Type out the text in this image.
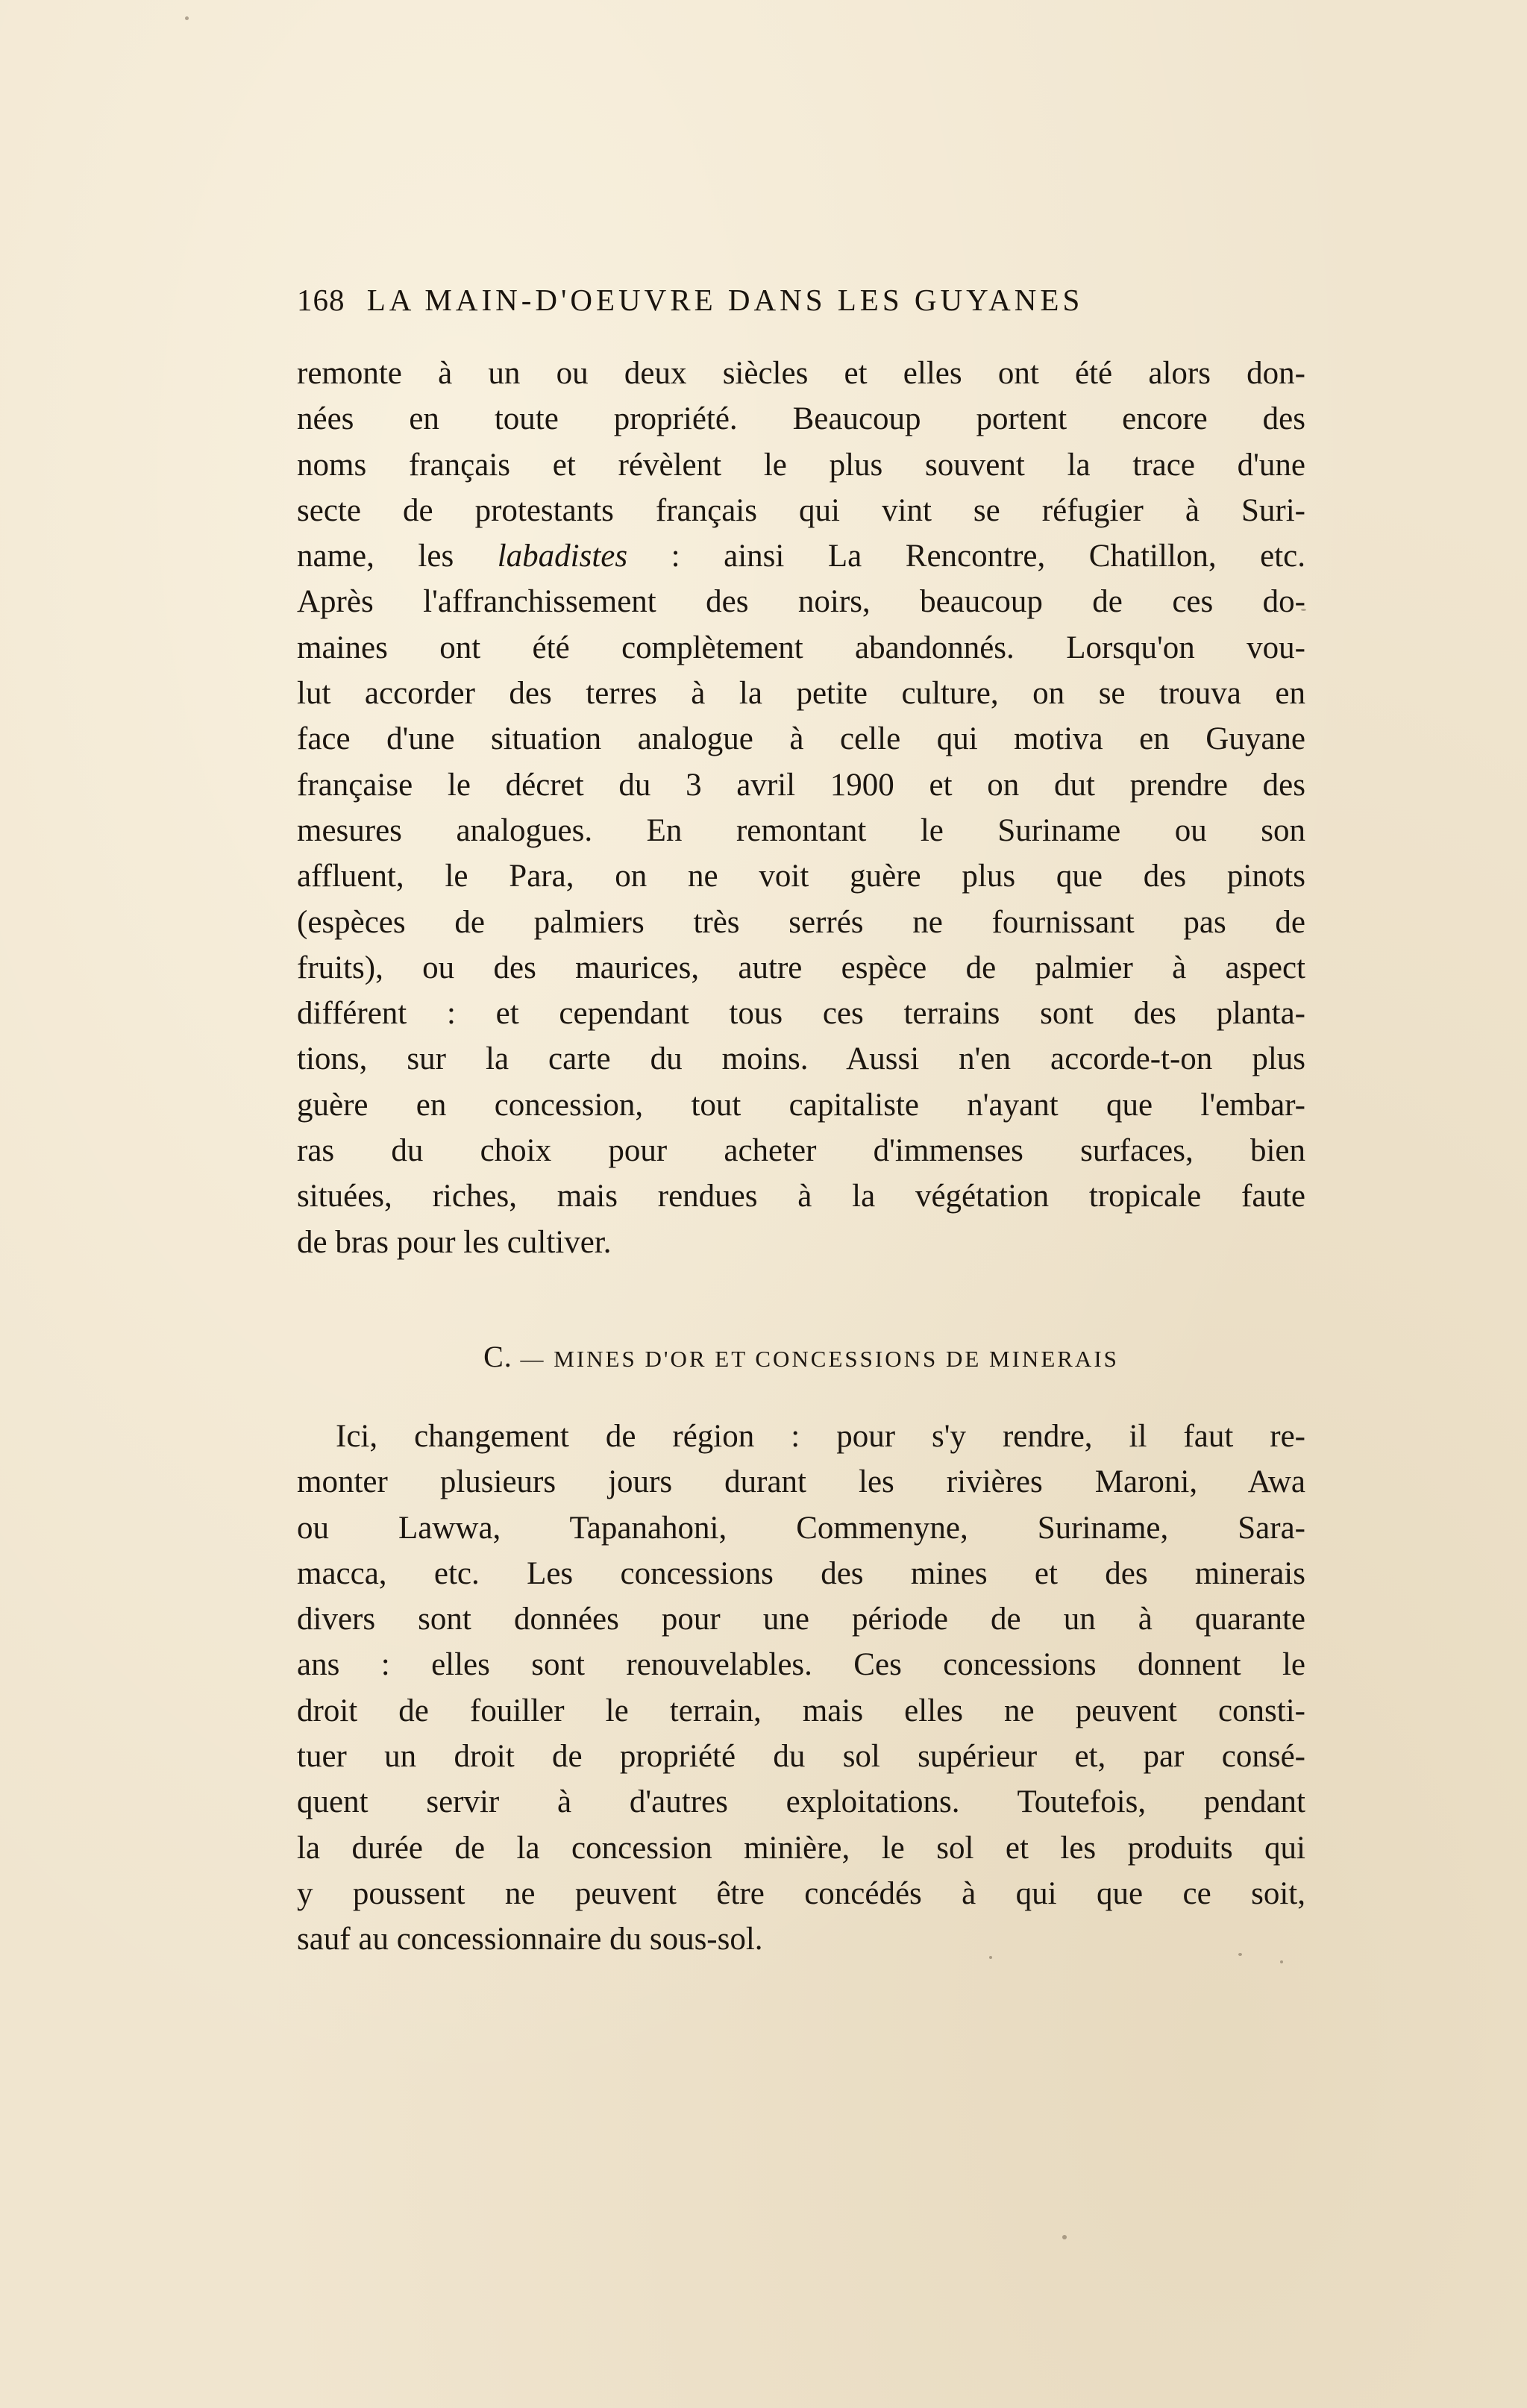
168 LA MAIN-D'OEUVRE DANS LES GUYANES
remonte à un ou deux siècles et elles ont été alors don-
nées en toute propriété. Beaucoup portent encore des
noms français et révèlent le plus souvent la trace d'une
secte de protestants français qui vint se réfugier à Suri-
name, les labadistes : ainsi La Rencontre, Chatillon, etc.
Après l'affranchissement des noirs, beaucoup de ces do-
maines ont été complètement abandonnés. Lorsqu'on vou-
lut accorder des terres à la petite culture, on se trouva en
face d'une situation analogue à celle qui motiva en Guyane
française le décret du 3 avril 1900 et on dut prendre des
mesures analogues. En remontant le Suriname ou son
affluent, le Para, on ne voit guère plus que des pinots
(espèces de palmiers très serrés ne fournissant pas de
fruits), ou des maurices, autre espèce de palmier à aspect
différent : et cependant tous ces terrains sont des planta-
tions, sur la carte du moins. Aussi n'en accorde-t-on plus
guère en concession, tout capitaliste n'ayant que l'embar-
ras du choix pour acheter d'immenses surfaces, bien
situées, riches, mais rendues à la végétation tropicale faute
de bras pour les cultiver.
C. — MINES D'OR ET CONCESSIONS DE MINERAIS
Ici, changement de région : pour s'y rendre, il faut re-
monter plusieurs jours durant les rivières Maroni, Awa
ou Lawwa, Tapanahoni, Commenyne, Suriname, Sara-
macca, etc. Les concessions des mines et des minerais
divers sont données pour une période de un à quarante
ans : elles sont renouvelables. Ces concessions donnent le
droit de fouiller le terrain, mais elles ne peuvent consti-
tuer un droit de propriété du sol supérieur et, par consé-
quent servir à d'autres exploitations. Toutefois, pendant
la durée de la concession minière, le sol et les produits qui
y poussent ne peuvent être concédés à qui que ce soit,
sauf au concessionnaire du sous-sol.
